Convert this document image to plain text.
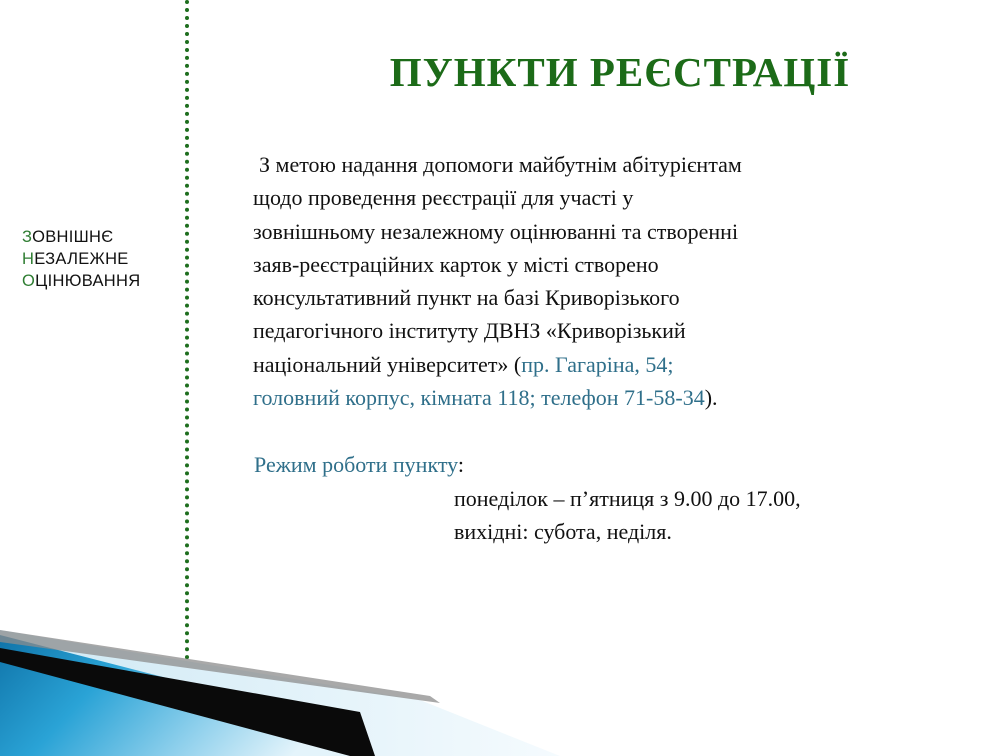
ЗОВНІШНЄ
НЕЗАЛЕЖНЕ
ОЦІНЮВАННЯ
ПУНКТИ РЕЄСТРАЦІЇ
З метою надання допомоги майбутнім абітурієнтам
щодо проведення реєстрації для участі у
зовнішньому незалежному оцінюванні та створенні
заяв-реєстраційних карток у місті створено
консультативний пункт на базі Криворізького
педагогічного інституту ДВНЗ «Криворізький
національний університет» (пр. Гагаріна, 54;
головний корпус, кімната 118; телефон 71-58-34).
Режим роботи пункту:
понеділок – п’ятниця з 9.00 до 17.00,
вихідні: субота, неділя.
